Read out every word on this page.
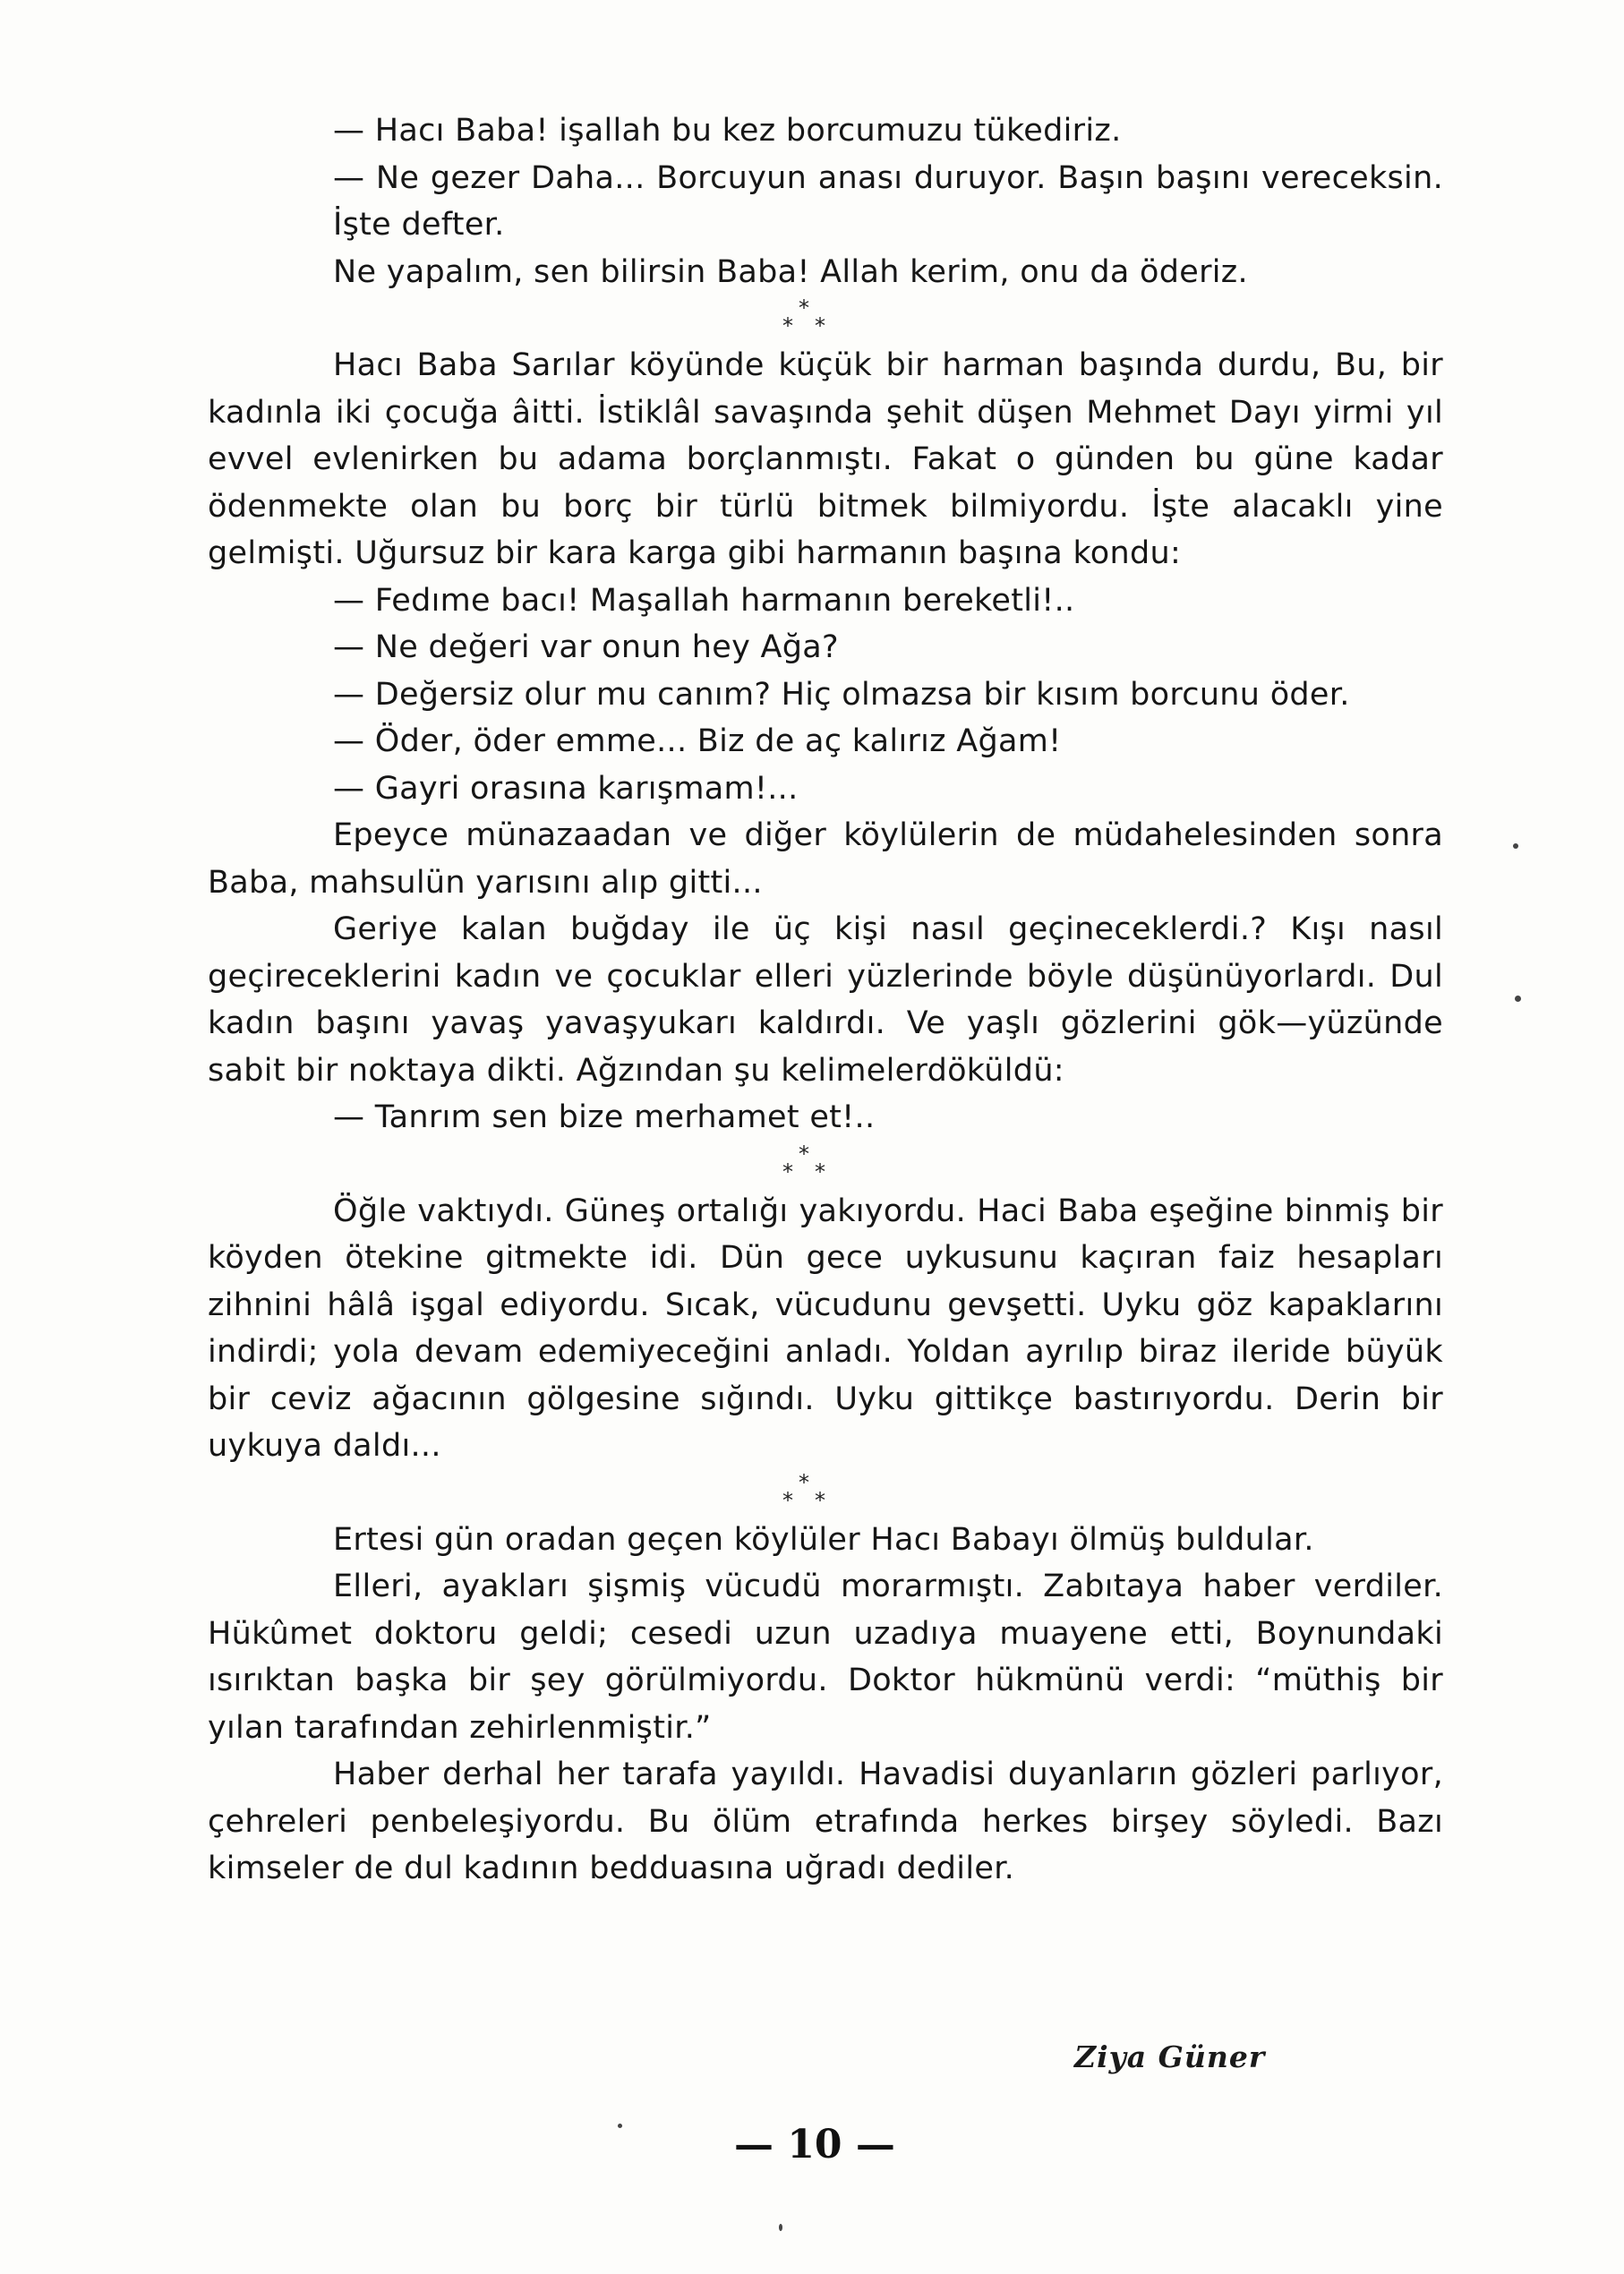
— Hacı Baba! işallah bu kez borcumuzu tükediriz.

— Ne gezer Daha... Borcuyun anası duruyor. Başın başını vereceksin. İşte defter.

Ne yapalım, sen bilirsin Baba! Allah kerim, onu da öderiz.

*
* *

Hacı Baba Sarılar köyünde küçük bir harman başında durdu, Bu, bir kadınla iki çocuğa âitti. İstiklâl savaşında şehit düşen Mehmet Dayı yirmi yıl evvel evlenirken bu adama borçlanmıştı. Fakat o günden bu güne kadar ödenmekte olan bu borç bir türlü bitmek bilmiyordu. İşte alacaklı yine gelmişti. Uğursuz bir kara karga gibi harmanın başına kondu:

— Fedıme bacı! Maşallah harmanın bereketli!..

— Ne değeri var onun hey Ağa?

— Değersiz olur mu canım? Hiç olmazsa bir kısım borcunu öder.

— Öder, öder emme... Biz de aç kalırız Ağam!

— Gayri orasına karışmam!...

Epeyce münazaadan ve diğer köylülerin de müdahelesinden sonra Baba, mahsulün yarısını alıp gitti...

Geriye kalan buğday ile üç kişi nasıl geçineceklerdi.? Kışı nasıl geçireceklerini kadın ve çocuklar elleri yüzlerinde böyle düşünüyorlardı. Dul kadın başını yavaş yavaşyukarı kaldırdı. Ve yaşlı gözlerini gök—yüzünde sabit bir noktaya dikti. Ağzından şu kelimelerdöküldü:

— Tanrım sen bize merhamet et!..

*
* *

Öğle vaktıydı. Güneş ortalığı yakıyordu. Haci Baba eşeğine binmiş bir köyden ötekine gitmekte idi. Dün gece uykusunu kaçıran faiz hesapları zihnini hâlâ işgal ediyordu. Sıcak, vücudunu gevşetti. Uyku göz kapaklarını indirdi; yola devam edemiyeceğini anladı. Yoldan ayrılıp biraz ileride büyük bir ceviz ağacının gölgesine sığındı. Uyku gittikçe bastırıyordu. Derin bir uykuya daldı...

*
* *

Ertesi gün oradan geçen köylüler Hacı Babayı ölmüş buldular.

Elleri, ayakları şişmiş vücudü morarmıştı. Zabıtaya haber verdiler. Hükûmet doktoru geldi; cesedi uzun uzadıya muayene etti, Boynundaki ısırıktan başka bir şey görülmiyordu. Doktor hükmünü verdi: “müthiş bir yılan tarafından zehirlenmiştir.”

Haber derhal her tarafa yayıldı. Havadisi duyanların gözleri parlıyor, çehreleri penbeleşiyordu. Bu ölüm etrafında herkes birşey söyledi. Bazı kimseler de dul kadının bedduasına uğradı dediler.

Ziya Güner
— 10 —
